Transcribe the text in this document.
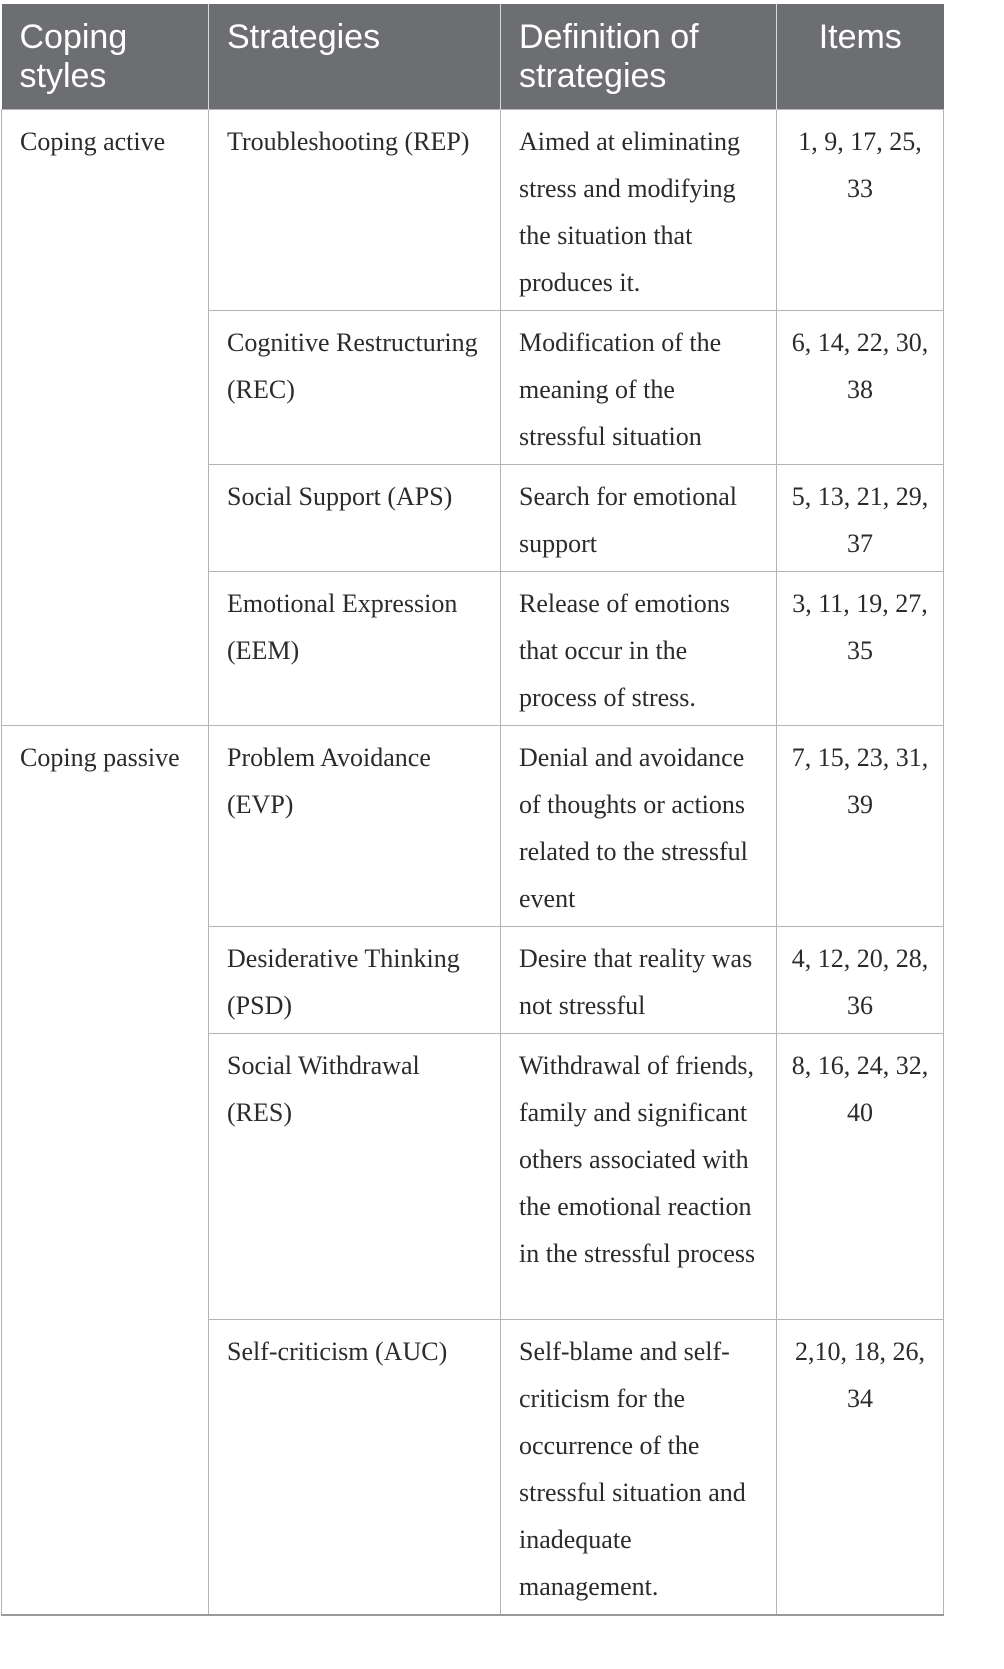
Coping styles	Strategies	Definition of strategies	Items
Coping active	Troubleshooting (REP)	Aimed at eliminating stress and modifying the situation that produces it.	1, 9, 17, 25, 33
	Cognitive Restructuring (REC)	Modification of the meaning of the stressful situation	6, 14, 22, 30, 38
	Social Support (APS)	Search for emotional support	5, 13, 21, 29, 37
	Emotional Expression (EEM)	Release of emotions that occur in the process of stress.	3, 11, 19, 27, 35
Coping passive	Problem Avoidance (EVP)	Denial and avoidance of thoughts or actions related to the stressful event	7, 15, 23, 31, 39
	Desiderative Thinking (PSD)	Desire that reality was not stressful	4, 12, 20, 28, 36
	Social Withdrawal (RES)	Withdrawal of friends, family and significant others associated with the emotional reaction in the stressful process	8, 16, 24, 32, 40
	Self-criticism (AUC)	Self-blame and self-criticism for the occurrence of the stressful situation and inadequate management.	2,10, 18, 26, 34
